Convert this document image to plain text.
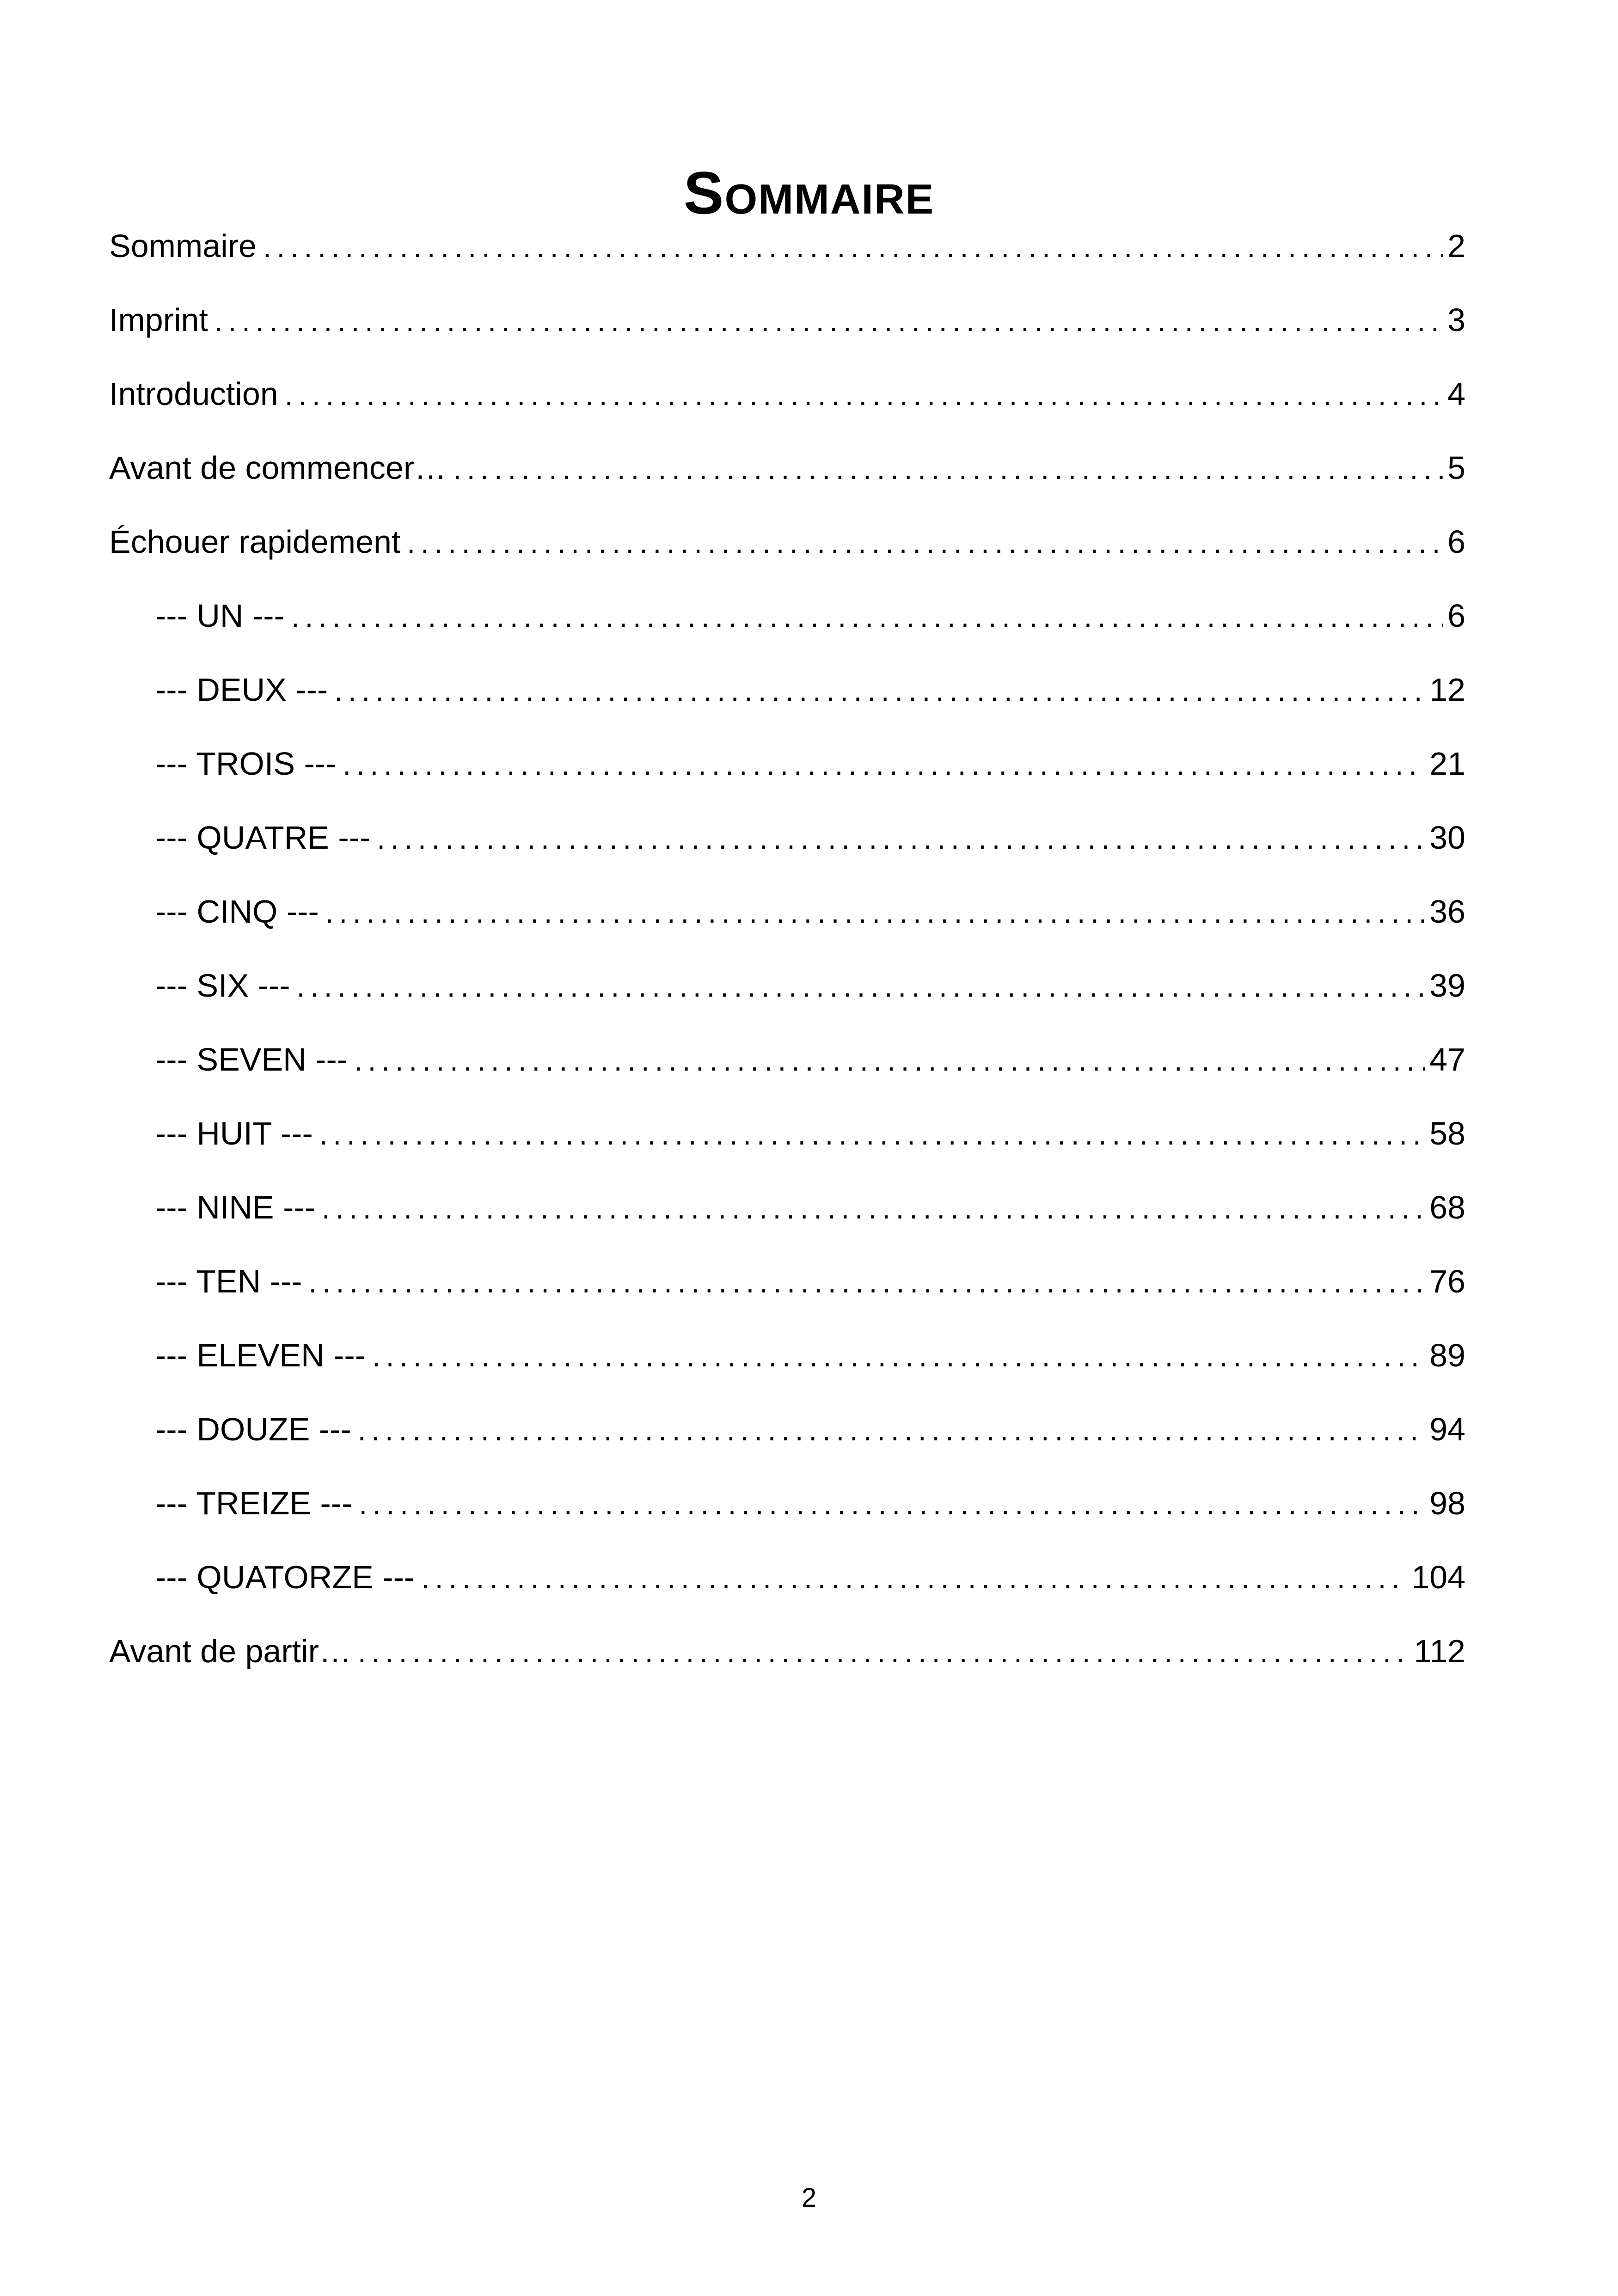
Sommaire
Sommaire . . .	2
Imprint . . .	3
Introduction . . .	4
Avant de commencer… . . .	5
Échouer rapidement . . .	6
--- UN --- . . .	6
--- DEUX --- . . .	12
--- TROIS --- . . .	21
--- QUATRE --- . . .	30
--- CINQ --- . . .	36
--- SIX --- . . .	39
--- SEVEN --- . . .	47
--- HUIT --- . . .	58
--- NINE --- . . .	68
--- TEN --- . . .	76
--- ELEVEN --- . . .	89
--- DOUZE --- . . .	94
--- TREIZE --- . . .	98
--- QUATORZE --- . . .	104
Avant de partir… . . .	112
2
